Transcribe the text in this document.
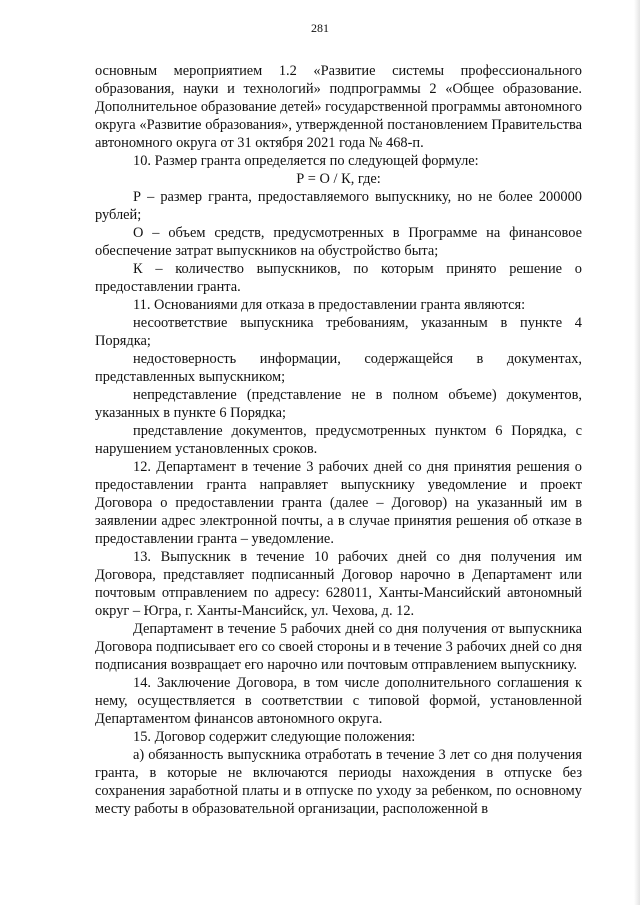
281

основным мероприятием 1.2 «Развитие системы профессионального образования, науки и технологий» подпрограммы 2 «Общее образование. Дополнительное образование детей» государственной программы автономного округа «Развитие образования», утвержденной постановлением Правительства автономного округа от 31 октября 2021 года № 468-п.

10. Размер гранта определяется по следующей формуле:

Р = О / К, где:

Р – размер гранта, предоставляемого выпускнику, но не более 200000 рублей;

О – объем средств, предусмотренных в Программе на финансовое обеспечение затрат выпускников на обустройство быта;

К – количество выпускников, по которым принято решение о предоставлении гранта.

11. Основаниями для отказа в предоставлении гранта являются:

несоответствие выпускника требованиям, указанным в пункте 4 Порядка;

недостоверность информации, содержащейся в документах, представленных выпускником;

непредставление (представление не в полном объеме) документов, указанных в пункте 6 Порядка;

представление документов, предусмотренных пунктом 6 Порядка, с нарушением установленных сроков.

12. Департамент в течение 3 рабочих дней со дня принятия решения о предоставлении гранта направляет выпускнику уведомление и проект Договора о предоставлении гранта (далее – Договор) на указанный им в заявлении адрес электронной почты, а в случае принятия решения об отказе в предоставлении гранта – уведомление.

13. Выпускник в течение 10 рабочих дней со дня получения им Договора, представляет подписанный Договор нарочно в Департамент или почтовым отправлением по адресу: 628011, Ханты-Мансийский автономный округ – Югра, г. Ханты-Мансийск, ул. Чехова, д. 12.

Департамент в течение 5 рабочих дней со дня получения от выпускника Договора подписывает его со своей стороны и в течение 3 рабочих дней со дня подписания возвращает его нарочно или почтовым отправлением выпускнику.

14. Заключение Договора, в том числе дополнительного соглашения к нему, осуществляется в соответствии с типовой формой, установленной Департаментом финансов автономного округа.

15. Договор содержит следующие положения:

а) обязанность выпускника отработать в течение 3 лет со дня получения гранта, в которые не включаются периоды нахождения в отпуске без сохранения заработной платы и в отпуске по уходу за ребенком, по основному месту работы в образовательной организации, расположенной в
